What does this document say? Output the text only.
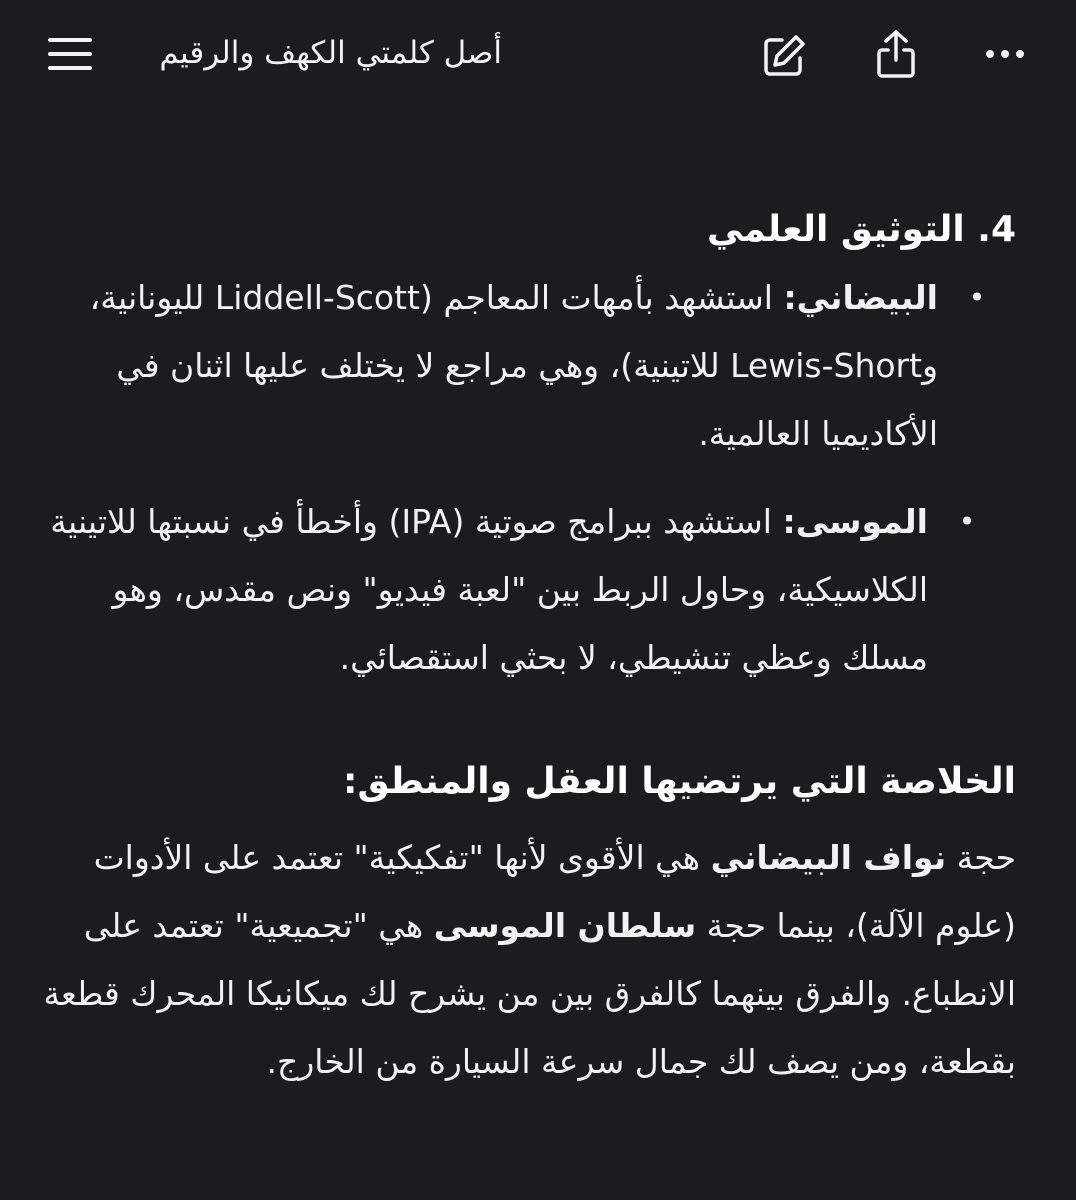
أصل كلمتي الكهف والرقيم
4. التوثيق العلمي
•
البيضاني: استشهد بأمهات المعاجم (Liddell-Scott لليونانية، وLewis-Short للاتينية)، وهي مراجع لا يختلف عليها اثنان في الأكاديميا العالمية.
•
الموسى: استشهد ببرامج صوتية (IPA) وأخطأ في نسبتها للاتينية الكلاسيكية، وحاول الربط بين "لعبة فيديو" ونص مقدس، وهو مسلك وعظي تنشيطي، لا بحثي استقصائي.
الخلاصة التي يرتضيها العقل والمنطق:

حجة نواف البيضاني هي الأقوى لأنها "تفكيكية" تعتمد على الأدوات (علوم الآلة)، بينما حجة سلطان الموسى هي "تجميعية" تعتمد على الانطباع. والفرق بينهما كالفرق بين من يشرح لك ميكانيكا المحرك قطعة بقطعة، ومن يصف لك جمال سرعة السيارة من الخارج.
